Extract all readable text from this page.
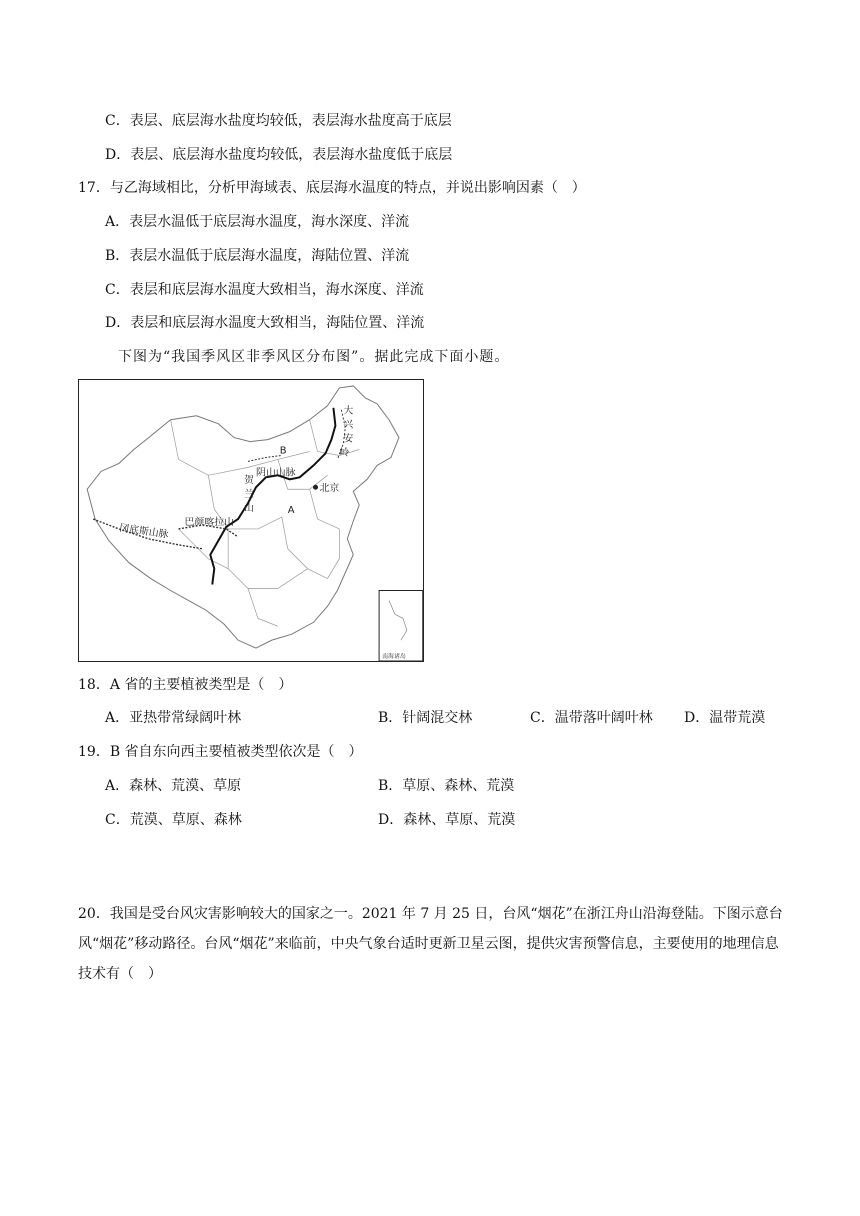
C．表层、底层海水盐度均较低，表层海水盐度高于底层
D．表层、底层海水盐度均较低，表层海水盐度低于底层
17．与乙海域相比，分析甲海域表、底层海水温度的特点，并说出影响因素（　）
A．表层水温低于底层海水温度，海水深度、洋流
B．表层水温低于底层海水温度，海陆位置、洋流
C．表层和底层海水温度大致相当，海水深度、洋流
D．表层和底层海水温度大致相当，海陆位置、洋流
下图为“我国季风区非季风区分布图”。据此完成下面小题。
大
兴
安
岭
B
阴山山脉
贺
兰
山
北京
A
冈底斯山脉
巴颜喀拉山
南海诸岛
18．A 省的主要植被类型是（　）
A．亚热带常绿阔叶林	B．针阔混交林	C．温带落叶阔叶林 D．温带荒漠
19．B 省自东向西主要植被类型依次是（　）
A．森林、荒漠、草原	B．草原、森林、荒漠
C．荒漠、草原、森林	D．森林、草原、荒漠
20．我国是受台风灾害影响较大的国家之一。2021 年 7 月 25 日，台风“烟花”在浙江舟山沿海登陆。下图示意台风“烟花”移动路径。台风“烟花”来临前，中央气象台适时更新卫星云图，提供灾害预警信息，主要使用的地理信息技术有（　）
